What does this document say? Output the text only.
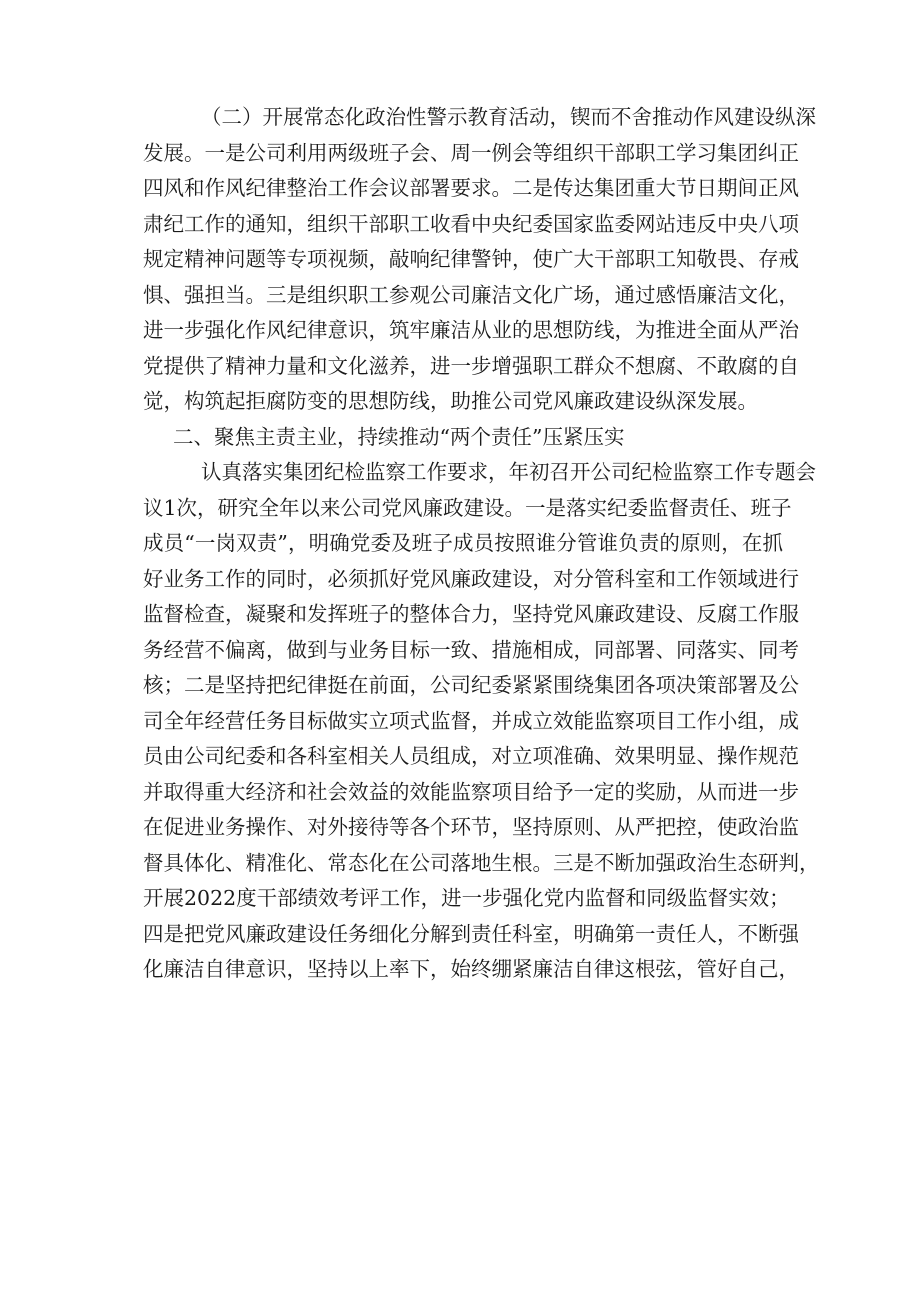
（二）开展常态化政治性警示教育活动，锲而不舍推动作风建设纵深
发展。一是公司利用两级班子会、周一例会等组织干部职工学习集团纠正
四风和作风纪律整治工作会议部署要求。二是传达集团重大节日期间正风
肃纪工作的通知，组织干部职工收看中央纪委国家监委网站违反中央八项
规定精神问题等专项视频，敲响纪律警钟，使广大干部职工知敬畏、存戒
惧、强担当。三是组织职工参观公司廉洁文化广场，通过感悟廉洁文化，
进一步强化作风纪律意识，筑牢廉洁从业的思想防线，为推进全面从严治
党提供了精神力量和文化滋养，进一步增强职工群众不想腐、不敢腐的自
觉，构筑起拒腐防变的思想防线，助推公司党风廉政建设纵深发展。
二、聚焦主责主业，持续推动“两个责任”压紧压实
认真落实集团纪检监察工作要求，年初召开公司纪检监察工作专题会
议1次，研究全年以来公司党风廉政建设。一是落实纪委监督责任、班子
成员“一岗双责”，明确党委及班子成员按照谁分管谁负责的原则，在抓
好业务工作的同时，必须抓好党风廉政建设，对分管科室和工作领域进行
监督检查，凝聚和发挥班子的整体合力，坚持党风廉政建设、反腐工作服
务经营不偏离，做到与业务目标一致、措施相成，同部署、同落实、同考
核；二是坚持把纪律挺在前面，公司纪委紧紧围绕集团各项决策部署及公
司全年经营任务目标做实立项式监督，并成立效能监察项目工作小组，成
员由公司纪委和各科室相关人员组成，对立项准确、效果明显、操作规范
并取得重大经济和社会效益的效能监察项目给予一定的奖励，从而进一步
在促进业务操作、对外接待等各个环节，坚持原则、从严把控，使政治监
督具体化、精准化、常态化在公司落地生根。三是不断加强政治生态研判，
开展2022度干部绩效考评工作，进一步强化党内监督和同级监督实效；
四是把党风廉政建设任务细化分解到责任科室，明确第一责任人，不断强
化廉洁自律意识，坚持以上率下，始终绷紧廉洁自律这根弦，管好自己，
